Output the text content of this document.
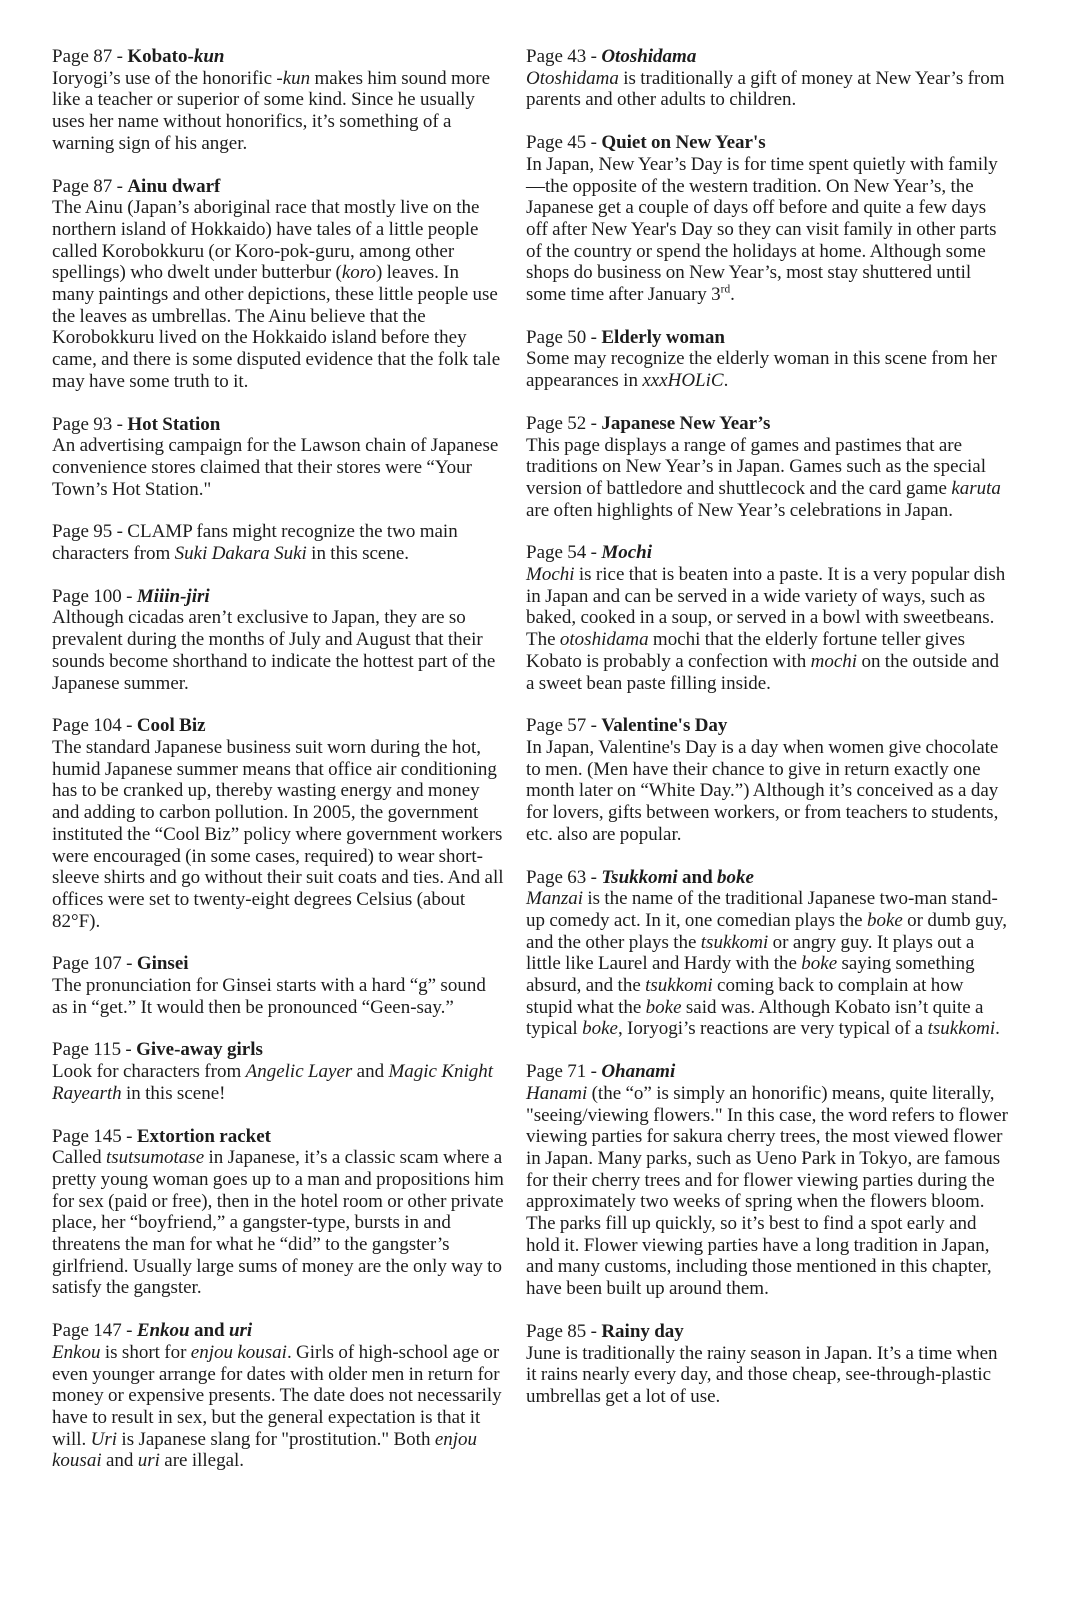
Page 87 - Kobato-kun
Ioryogi’s use of the honorific -kun makes him sound more like a teacher or superior of some kind. Since he usually uses her name without honorifics, it’s something of a warning sign of his anger.
Page 87 - Ainu dwarf
The Ainu (Japan’s aboriginal race that mostly live on the northern island of Hokkaido) have tales of a little people called Korobokkuru (or Koro-pok-guru, among other spellings) who dwelt under butterbur (koro) leaves. In many paintings and other depictions, these little people use the leaves as umbrellas. The Ainu believe that the Korobokkuru lived on the Hokkaido island before they came, and there is some disputed evidence that the folk tale may have some truth to it.
Page 93 - Hot Station
An advertising campaign for the Lawson chain of Japanese convenience stores claimed that their stores were “Your Town’s Hot Station."
Page 95 - CLAMP fans might recognize the two main characters from Suki Dakara Suki in this scene.
Page 100 - Miiin-jiri
Although cicadas aren’t exclusive to Japan, they are so prevalent during the months of July and August that their sounds become shorthand to indicate the hottest part of the Japanese summer.
Page 104 - Cool Biz
The standard Japanese business suit worn during the hot, humid Japanese summer means that office air conditioning has to be cranked up, thereby wasting energy and money and adding to carbon pollution. In 2005, the government instituted the “Cool Biz” policy where government workers were encouraged (in some cases, required) to wear short-sleeve shirts and go without their suit coats and ties. And all offices were set to twenty-eight degrees Celsius (about 82°F).
Page 107 - Ginsei
The pronunciation for Ginsei starts with a hard “g” sound as in “get.” It would then be pronounced “Geen-say.”
Page 115 - Give-away girls
Look for characters from Angelic Layer and Magic Knight Rayearth in this scene!
Page 145 - Extortion racket
Called tsutsumotase in Japanese, it’s a classic scam where a pretty young woman goes up to a man and propositions him for sex (paid or free), then in the hotel room or other private place, her “boyfriend,” a gangster-type, bursts in and threatens the man for what he “did” to the gangster’s girlfriend. Usually large sums of money are the only way to satisfy the gangster.
Page 147 - Enkou and uri
Enkou is short for enjou kousai. Girls of high-school age or even younger arrange for dates with older men in return for money or expensive presents. The date does not necessarily have to result in sex, but the general expectation is that it will. Uri is Japanese slang for "prostitution." Both enjou kousai and uri are illegal.
Page 43 - Otoshidama
Otoshidama is traditionally a gift of money at New Year’s from parents and other adults to children.
Page 45 - Quiet on New Year's
In Japan, New Year’s Day is for time spent quietly with family—the opposite of the western tradition. On New Year’s, the Japanese get a couple of days off before and quite a few days off after New Year's Day so they can visit family in other parts of the country or spend the holidays at home. Although some shops do business on New Year’s, most stay shuttered until some time after January 3rd.
Page 50 - Elderly woman
Some may recognize the elderly woman in this scene from her appearances in xxxHOLiC.
Page 52 - Japanese New Year’s
This page displays a range of games and pastimes that are traditions on New Year’s in Japan. Games such as the special version of battledore and shuttlecock and the card game karuta are often highlights of New Year’s celebrations in Japan.
Page 54 - Mochi
Mochi is rice that is beaten into a paste. It is a very popular dish in Japan and can be served in a wide variety of ways, such as baked, cooked in a soup, or served in a bowl with sweetbeans. The otoshidama mochi that the elderly fortune teller gives Kobato is probably a confection with mochi on the outside and a sweet bean paste filling inside.
Page 57 - Valentine's Day
In Japan, Valentine's Day is a day when women give chocolate to men. (Men have their chance to give in return exactly one month later on “White Day.”) Although it’s conceived as a day for lovers, gifts between workers, or from teachers to students, etc. also are popular.
Page 63 - Tsukkomi and boke
Manzai is the name of the traditional Japanese two-man stand-up comedy act. In it, one comedian plays the boke or dumb guy, and the other plays the tsukkomi or angry guy. It plays out a little like Laurel and Hardy with the boke saying something absurd, and the tsukkomi coming back to complain at how stupid what the boke said was. Although Kobato isn’t quite a typical boke, Ioryogi’s reactions are very typical of a tsukkomi.
Page 71 - Ohanami
Hanami (the “o” is simply an honorific) means, quite literally, "seeing/viewing flowers." In this case, the word refers to flower viewing parties for sakura cherry trees, the most viewed flower in Japan. Many parks, such as Ueno Park in Tokyo, are famous for their cherry trees and for flower viewing parties during the approximately two weeks of spring when the flowers bloom. The parks fill up quickly, so it’s best to find a spot early and hold it. Flower viewing parties have a long tradition in Japan, and many customs, including those mentioned in this chapter, have been built up around them.
Page 85 - Rainy day
June is traditionally the rainy season in Japan. It’s a time when it rains nearly every day, and those cheap, see-through-plastic umbrellas get a lot of use.
